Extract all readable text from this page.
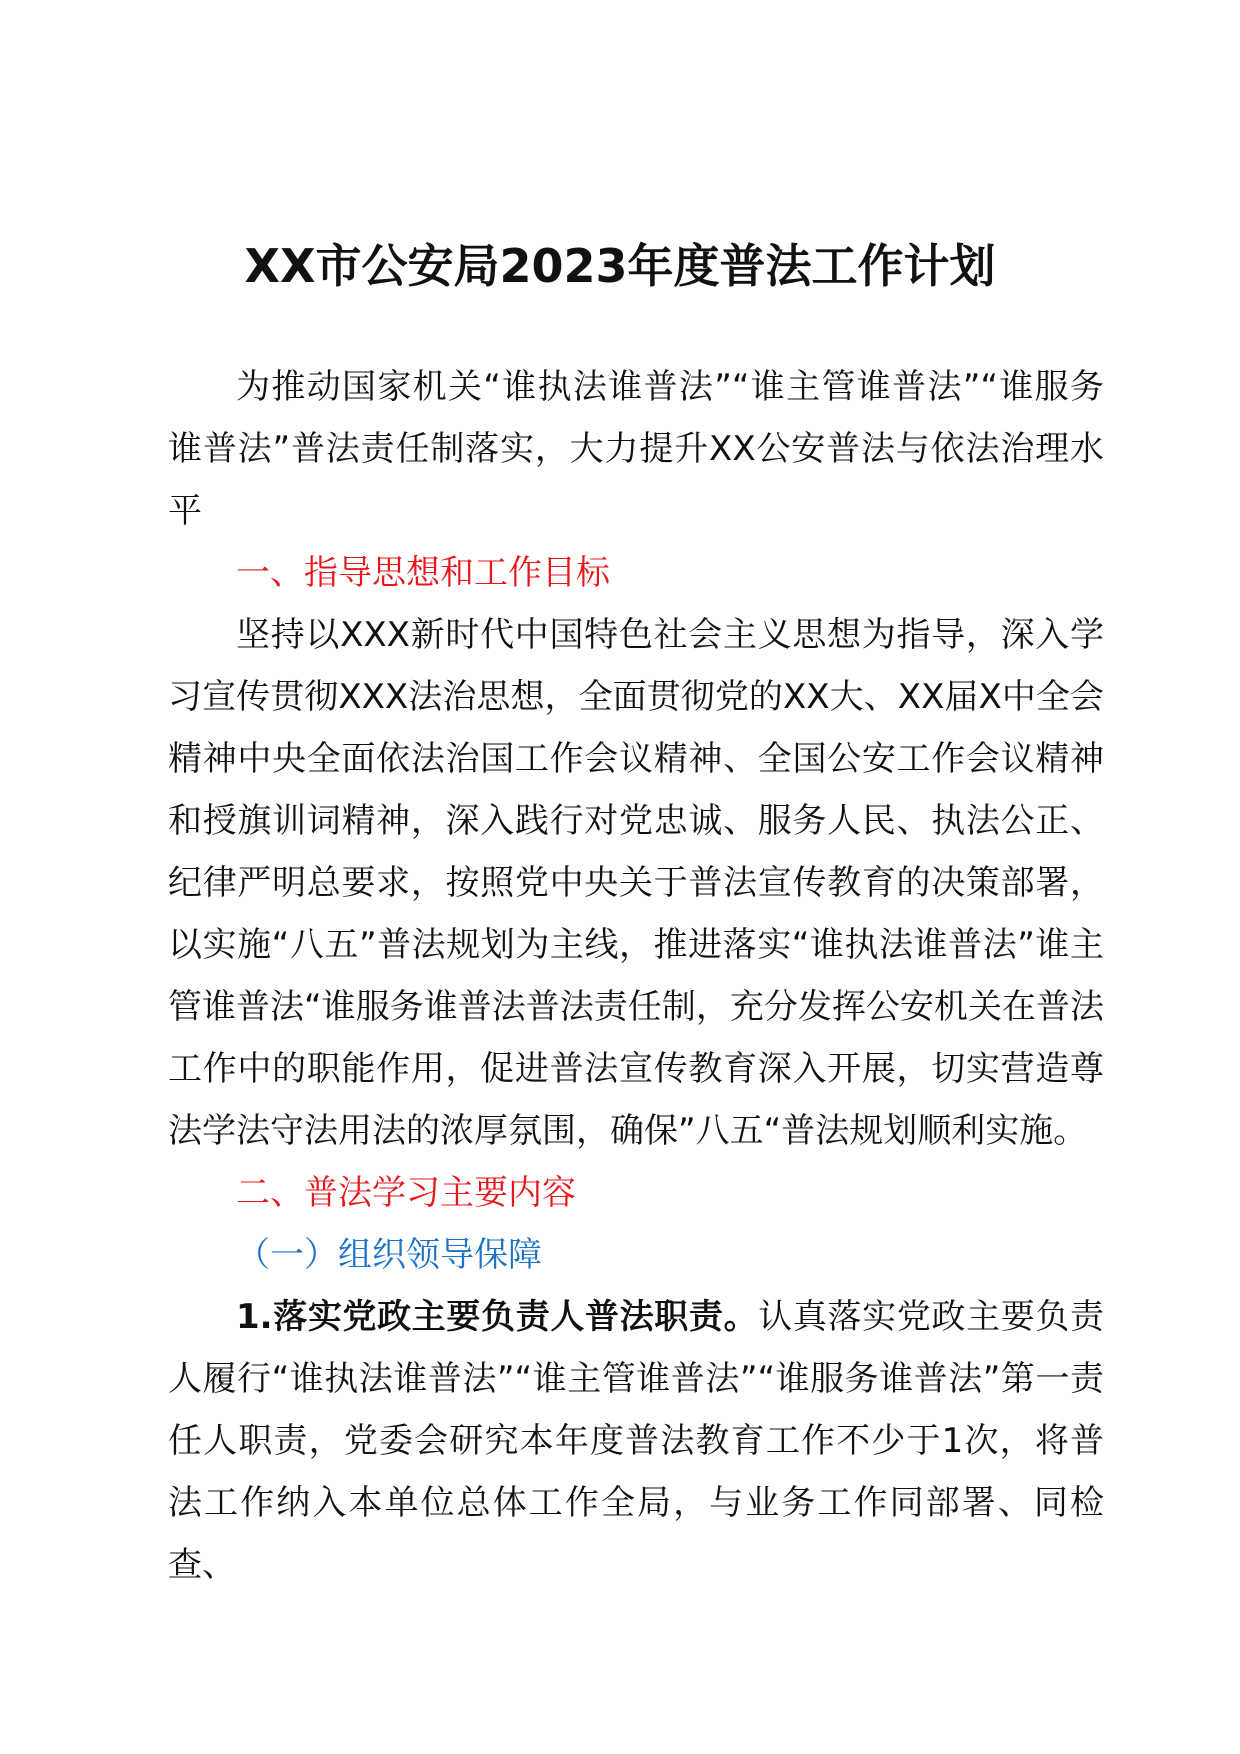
XX市公安局2023年度普法工作计划

为推动国家机关“谁执法谁普法”“谁主管谁普法”“谁服务谁普法”普法责任制落实，大力提升XX公安普法与依法治理水平

一、指导思想和工作目标

坚持以XXX新时代中国特色社会主义思想为指导，深入学习宣传贯彻XXX法治思想，全面贯彻党的XX大、XX届X中全会精神中央全面依法治国工作会议精神、全国公安工作会议精神和授旗训词精神，深入践行对党忠诚、服务人民、执法公正、纪律严明总要求，按照党中央关于普法宣传教育的决策部署，以实施“八五”普法规划为主线，推进落实“谁执法谁普法”谁主管谁普法“谁服务谁普法普法责任制，充分发挥公安机关在普法工作中的职能作用，促进普法宣传教育深入开展，切实营造尊法学法守法用法的浓厚氛围，确保”八五“普法规划顺利实施。

二、普法学习主要内容

（一）组织领导保障

1.落实党政主要负责人普法职责。认真落实党政主要负责人履行“谁执法谁普法”“谁主管谁普法”“谁服务谁普法”第一责任人职责，党委会研究本年度普法教育工作不少于1次，将普法工作纳入本单位总体工作全局，与业务工作同部署、同检查、
